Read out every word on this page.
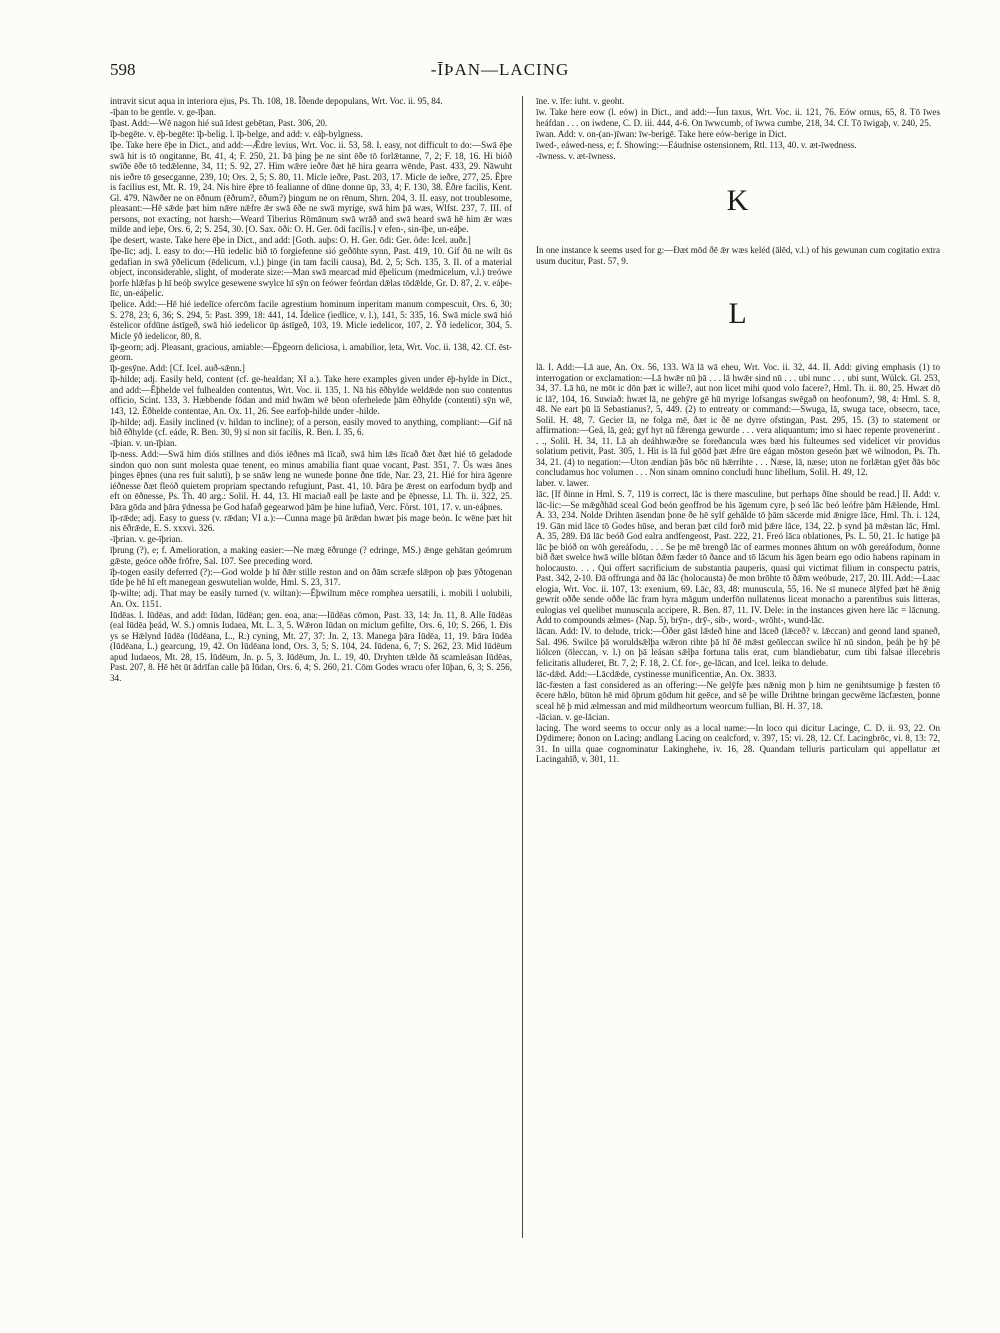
598	-ĪÞAN—LACING

intravit sicut aqua in interiora ejus, Ps. Th. 108, 18. Îðende depopulans, Wrt. Voc. ii. 95, 84.

-īþan to be gentle. v. ge-īþan.

īþast. Add:—Wē nagon hié suā īdest gebētan, Past. 306, 20.

īþ-begēte. v. ēþ-begēte: īþ-belig. l. īþ-belge, and add: v. eáþ-bylgness.

īþe. Take here ēþe in Dict., and add:—Ǣdre levius, Wrt. Voc. ii. 53, 58. I. easy, not difficult to do:—Swā ēþe swā hit is tō ongitanne, Bt. 41, 4; F. 250, 21. Þā þing þe ne sint ēðe tō forlǣtanne, 7, 2; F. 18, 16. Hí bióð swīðe ēðe tō tedǣlenne, 34, 11; S. 92, 27. Him wǣre ieðre ðæt hē hira gearra wēnde, Past. 433, 29. Nāwuht nis ieðre tō gesecganne, 239, 10; Ors. 2, 5; S. 80, 11. Micle ieðre, Past. 203, 17. Micle de ieðre, 277, 25. Ēþre is facilius est, Mt. R. 19, 24. Nis hire ēþre tō fealianne of dūne donne ūp, 33, 4; F. 130, 38. Ēðre facilis, Kent. Gl. 479. Nāwðer ne on ēðnum (ēðrum?, ēðum?) þingum ne on rēnum, Shrn. 204, 3. II. easy, not troublesome, pleasant:—Hē sǣde þæt him nǣre nǣfre ǣr swā ēðe ne swā myrige, swā him þā wæs, Wlfst. 237, 7. III. of persons, not exacting, not harsh:—Weard Tiberius Rōmānum swā wrāð and swā heard swā hē him ǣr wæs milde and ieþe, Ors. 6, 2; S. 254, 30. [O. Sax. ōði: O. H. Ger. ōdi facilis.] v efen-, sin-īþe, un-eáþe.

īþe desert, waste. Take here ēþe in Dict., and add: [Goth. auþs: O. H. Ger. ōdi: Ger. öde: Icel. auðr.]

īþe-līc; adj. I. easy to do:—Hū iedelic bið tō forgiefenne sió geðōhte synn, Past. 419, 10. Gif ðū ne wilt ūs gedafian in swā ȳðelicum (ēdelicum, v.l.) þinge (in tam facili causa), Bd. 2, 5; Sch. 135, 3. II. of a material object, inconsiderable, slight, of moderate size:—Man swā mearcad mid ēþelicum (medmicelum, v.l.) treówe þorfe hlǣfas þ hī beóþ swylce gesewene swylce hī sȳn on feówer feórdan dǣlas tōdǣlde, Gr. D. 87, 2. v. eáþe-līc, un-eáþelic.

īþelice. Add:—Hē hié iedelīce ofercōm facile agrestium hominum inperitam manum compescuit, Ors. 6, 30; S. 278, 23; 6, 36; S. 294, 5: Past. 399, 18: 441, 14. Īdelice (iedlice, v. l.), 141, 5: 335, 16. Swā micle swā hió ēstelicor ofdūne ástīgeð, swā hió iedelicor ūp ástīgeð, 103, 19. Micle iedelicor, 107, 2. Ȳð iedelicor, 304, 5. Micle ȳð iedelicor, 80, 8.

īþ-georn; adj. Pleasant, gracious, amiable:—Ēþgeorn deliciosa, i. amabilior, leta, Wrt. Voc. ii. 138, 42. Cf. ēst-georn.

īþ-gesȳne. Add: [Cf. Icel. auð-sǣnn.]

īþ-hilde; adj. Easily held, content (cf. ge-healdan; XI a.). Take here examples given under ēþ-hylde in Dict., and add:—Ēþhelde vel fulhealden contentus, Wrt. Voc. ii. 135, 1. Nā his ēðhylde weldǣde non suo contentus officio, Scint. 133, 3. Hæbbende fōdan and mid hwām wē bēon oferhelede þām ēðhylde (contenti) sȳn wē, 143, 12. Ēðhelde contentae, An. Ox. 11, 26. See earfoþ-hilde under -hilde.

īþ-hilde; adj. Easily inclined (v. hildan to incline); of a person, easily moved to anything, compliant:—Gif nā bið ēðhylde (cf. eáde, R. Ben. 30, 9) si non sit facilis, R. Ben. I. 35, 6.

-īþian. v. un-īþian.

īþ-ness. Add:—Swā him diós stillnes and diós iēðnes mā līcað, swā him lǣs līcað ðæt ðæt hié tō geladode sindon quo non sunt molesta quae tenent, eo minus amabilia fiant quae vocant, Past. 351, 7. Ūs wæs ānes þinges ēþnes (una res fuit saluti), þ se snāw leng ne wunede þonne ðne tīde, Nar. 23, 21. Hié for hira āgenre iéðnesse ðæt fleóð quietem propriam spectando refugiunt, Past. 41, 10. Þāra þe ǣrest on earfodum bydþ and eft on ēðnesse, Ps. Th. 40 arg.: Solil. H. 44, 13. Hī maciað eall þe laste and þe ēþnesse, Ll. Th. ii. 322, 25. Þāra gōda and þāra ȳdnessa þe God hafað gegearwod þām þe hine lufiað, Verc. Först. 101, 17. v. un-eáþnes.

īþ-rǣde; adj. Easy to guess (v. rǣdan; VI a.):—Cunna mage þū ārǣdan hwæt þis mage beón. Ic wēne þæt hit nis ēðrǣde, E. S. xxxvi. 326.

-īþrian. v. ge-īþrian.

īþrung (?), e; f. Amelioration, a making easier:—Ne mæg ēðrunge (? edringe, MS.) ǣnge gehātan geómrum gǣste, geóce oððe frōfre, Sal. 107. See preceding word.

īþ-togen easily deferred (?):—God wolde þ hī ðǣr stille reston and on ðām scræfe slǣpon oþ þæs ȳðtogenan tīde þe hē hī eft manegean geswutelian wolde, Hml. S. 23, 317.

īþ-wilte; adj. That may be easily turned (v. wiltan):—Ēþwiltum mēce romphea uersatili, i. mobili l uolubili, An. Ox. 1151.

Iūdēas. l. Iūdēas, and add: Iūdan, Iūdēan; gen. eoa, ana:—Iūdēas cōmon, Past. 33, 14: Jn. 11, 8. Alle Iūdēas (eal Iūdēa þeád, W. S.) omnis Iudaea, Mt. L. 3, 5. Wǣron Iūdan on miclum gefilte, Ors. 6, 10; S. 266, 1. Ðis ys se Hǣlynd Iūdēa (Iūdēana, L., R.) cyning, Mt. 27, 37: Jn. 2, 13. Manega þāra Iūdēa, 11, 19. Þāra Iūdēa (Iūdēana, L.) gearcung, 19, 42. On Iūdēana lond, Ors. 3, 5; S. 104, 24. Iūdena, 6, 7; S. 262, 23. Mid Iūdēum apud Iudaeos, Mt. 28, 15. Iūdēum, Jn. p. 5, 3. Iūdēum, Jn. L. 19, 40. Dryhten tǣlde ðā scamleásan Iūdēas, Past. 207, 8. Hē hēt ūt ādrīfan calle þā Iūdan, Ors. 6, 4; S. 260, 21. Cōm Godes wracu ofer Iūþan, 6, 3; S. 256, 34.

īne. v. īfe: iuht. v. geoht.

īw. Take here eow (l. eów) in Dict., and add:—Īun taxus, Wrt. Voc. ii. 121, 76. Eów ornus, 65, 8. Tō īwes heáfdan . . . on iwdene, C. D. iii. 444, 4-6. On īwwcumb, of īwwa cumbe, 218, 34. Cf. Tō īwigaþ, v. 240, 25.

īwan. Add: v. on-(an-)īwan: īw-berigē. Take here eów-berige in Dict.

īwed-, eáwed-ness, e; f. Showing:—Eáudnise ostensionem, Rtl. 113, 40. v. æt-īwedness.

-īwness. v. æt-īwness.

K

In one instance k seems used for g:—Ðæt mōd ðē ǣr wæs keléd (ālēd, v.l.) of his gewunan cum cogitatio extra usum ducitur, Past. 57, 9.

L

lā. I. Add:—Lā aue, An. Ox. 56, 133. Wā lā wā eheu, Wrt. Voc. ii. 32, 44. II. Add: giving emphasis (1) to interrogation or exclamation:—Lā hwǣr nū þā . . . lā hwǣr sind nū . . . ubi nunc . . . ubi sunt, Wülck. Gl. 253, 34, 37. Lā hū, ne mōt ic dōn þæt ic wille?, aut non licet mihi quod volo facere?, Hml. Th. ii. 80, 25. Hwæt dō ic lā?, 104, 16. Suwiað: hwæt lā, ne gehȳre gē hū myrige lofsangas swēgað on heofonum?, 98, 4: Hml. S. 8, 48. Ne eart þū lā Sebastianus?, 5, 449. (2) to entreaty or command:—Swuga, lā, swuga tace, obsecro, tace, Solil. H. 48, 7. Gecier lā, ne folga mē, ðæt ic ðē ne dyrre ofstingan, Past. 295, 15. (3) to statement or affirmation:—Geá, lā, geá; gyf hyt nū fǣrenga gewurde . . . vera aliquantum; imo si haec repente provenerint . . ., Solil. H. 34, 11. Lā ah deáhhwæðre se foreðancula wæs bæd his fulteumes sed videlicet vir providus solatium petivit, Past. 305, 1. Hit is lā ful gōōd þæt ǣfre ūre eágan mōston geseón þæt wē wilnodon, Ps. Th. 34, 21. (4) to negation:—Uton ændian þās bōc nū hǣrrihte . . . Næse, lā, næse; uton ne forlǣtan gȳet ðās bōc concludamus hoc volumen . . . Non sinam omnino concludi hunc libellum, Solil. H. 49, 12.

laber. v. lawer.

lāc. [If ðinne in Hml. S. 7, 119 is correct, lāc is there masculine, but perhaps ðīne should be read.] II. Add: v. lāc-lic:—Se mǣgðhād sceal God beón geoffrod be his āgenum cyre, þ seó lāc beó leófre þām Hǣlende, Hml. A. 33, 234. Nolde Drihten āsendan þone ðe hē sylf gehālde tō þām sācerde mid ǣnigre lāce, Hml. Th. i. 124, 19. Gān mid lāce tō Godes hūse, and beran þæt cild forð mid þǣre lāce, 134, 22. þ synd þā mǣstan lāc, Hml. A. 35, 289. Ðā lāc beóð God ealra andfengeost, Past. 222, 21. Freó lāca oblationes, Ps. L. 50, 21. Ic hatige þā lāc þe bióð on wōh gereáfodu, . . . Se þe mē brengð lāc of earmes monnes āhtum on wōh gereáfodum, ðonne bið ðæt swelce hwā wille blōtan ðǣm fæder tō ðance and tō lācum his āgen bearn ego odio habens rapinam in holocausto. . . . Qui offert sacrificium de substantia pauperis, quasi qui victimat filium in conspectu patris, Past. 342, 2-10. Ðā offrunga and ðā lāc (holocausta) ðe mon brōhte tō ðǣm weóbude, 217, 20. III. Add:—Laac elogia, Wrt. Voc. ii. 107, 13: exenium, 69. Lāc, 83, 48: munuscula, 55, 16. Ne sī munece ālȳfed þæt hē ǣnig gewrit oððe sende oððe lāc fram hyra māgum underfōn nullatenus liceat monacho a parentibus suis litteras, eulogias vel quelibet munuscula accipere, R. Ben. 87, 11. IV. Dele: in the instances given here lāc = lācnung. Add to compounds ælmes- (Nap. 5), brȳn-, drȳ-, sib-, word-, wrōht-, wund-lāc.

lācan. Add: IV. to delude, trick:—Ōðer gāst lǣdeð hine and lāceð (lǣceð? v. lǣccan) and geond land spaneð, Sal. 496. Swilce þā woruldsǣlþa wǣron rihte þā hī ðē mǣst geōleccan swilce hī nū sindon, þeáh þe hȳ þē liólcen (ōleccan, v. l.) on þā leásan sǣlþa fortuna talis erat, cum blandiebatur, cum tibi falsae illecebris felicitatis alluderet, Bt. 7, 2; F. 18, 2. Cf. for-, ge-lācan, and Icel. leika to delude.

lāc-dǣd. Add:—Lācdǣde, cystinesse munificentiæ, An. Ox. 3833.

lāc-fæsten a fast considered as an offering:—Ne gelȳfe þæs nǣnig mon þ him ne genihtsumige þ fæsten tō ēcere hǣlo, būton hē mid ōþrum gōdum hit geēce, and sē þe wille Drihtne bringan gecwēme lācfæsten, þonne sceal hē þ mid ælmessan and mid mildheortum weorcum fullian, Bl. H. 37, 18.

-lācian. v. ge-lācian.

lacing. The word seems to occur only as a local name:—In loco qui dicitur Lacinge, C. D. ii. 93, 22. On Dȳdimere; ðonon on Lacing; andlang Lacing on cealcford, v. 397, 15: vi. 28, 12. Cf. Lacingbrōc, vi. 8, 13: 72, 31. In uilla quae cognominatur Lakinghehe, iv. 16, 28. Quandam telluris particulam qui appellatur æt Lacingahīð, v. 301, 11.
